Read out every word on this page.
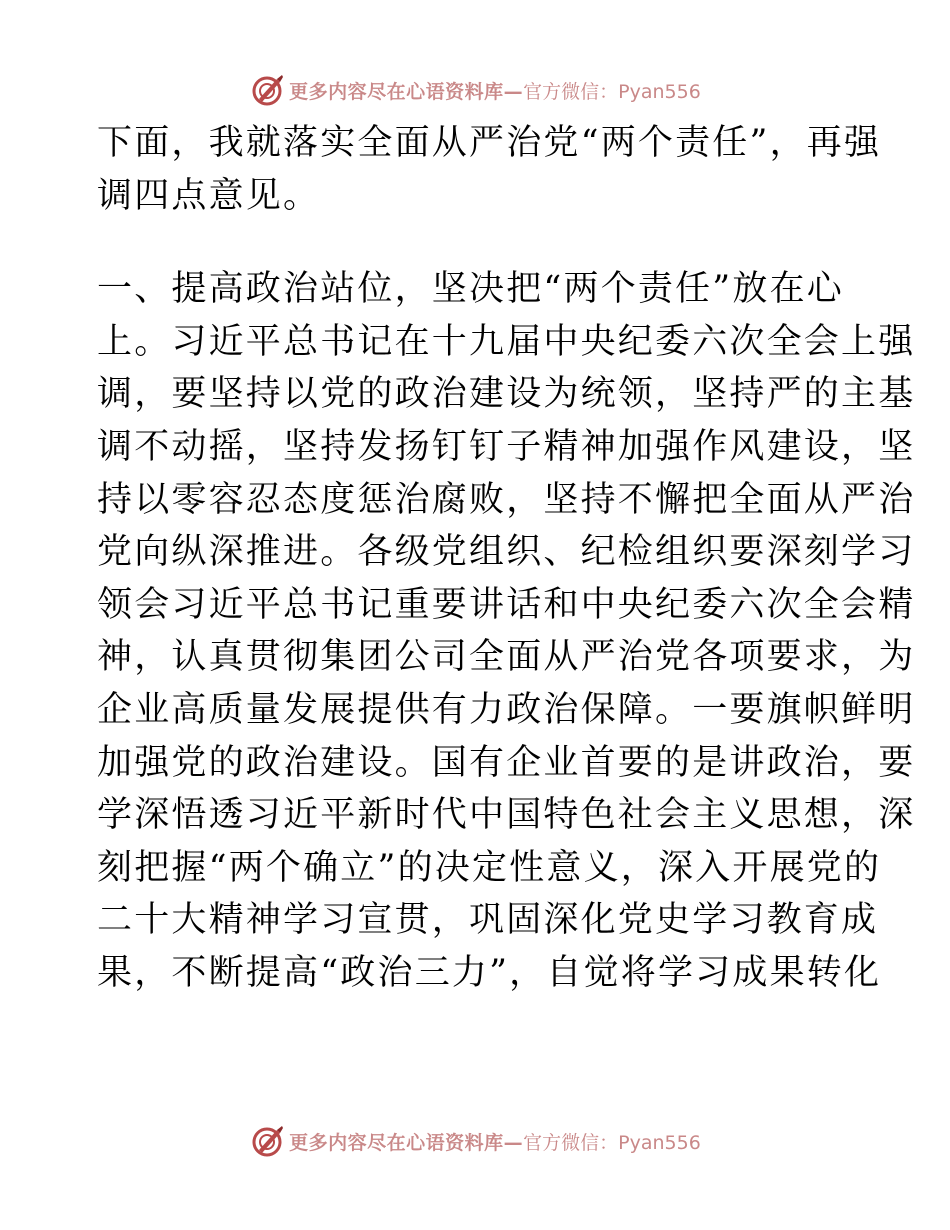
更多内容尽在心语资料库— 官方微信：Pyan556
下面，我就落实全面从严治党“两个责任”，再强
调四点意见。
一、提高政治站位，坚决把“两个责任”放在心
上。习近平总书记在十九届中央纪委六次全会上强
调，要坚持以党的政治建设为统领，坚持严的主基
调不动摇，坚持发扬钉钉子精神加强作风建设，坚
持以零容忍态度惩治腐败，坚持不懈把全面从严治
党向纵深推进。各级党组织、纪检组织要深刻学习
领会习近平总书记重要讲话和中央纪委六次全会精
神，认真贯彻集团公司全面从严治党各项要求，为
企业高质量发展提供有力政治保障。一要旗帜鲜明
加强党的政治建设。国有企业首要的是讲政治，要
学深悟透习近平新时代中国特色社会主义思想，深
刻把握“两个确立”的决定性意义，深入开展党的
二十大精神学习宣贯，巩固深化党史学习教育成
果，不断提高“政治三力”，自觉将学习成果转化
更多内容尽在心语资料库— 官方微信：Pyan556
